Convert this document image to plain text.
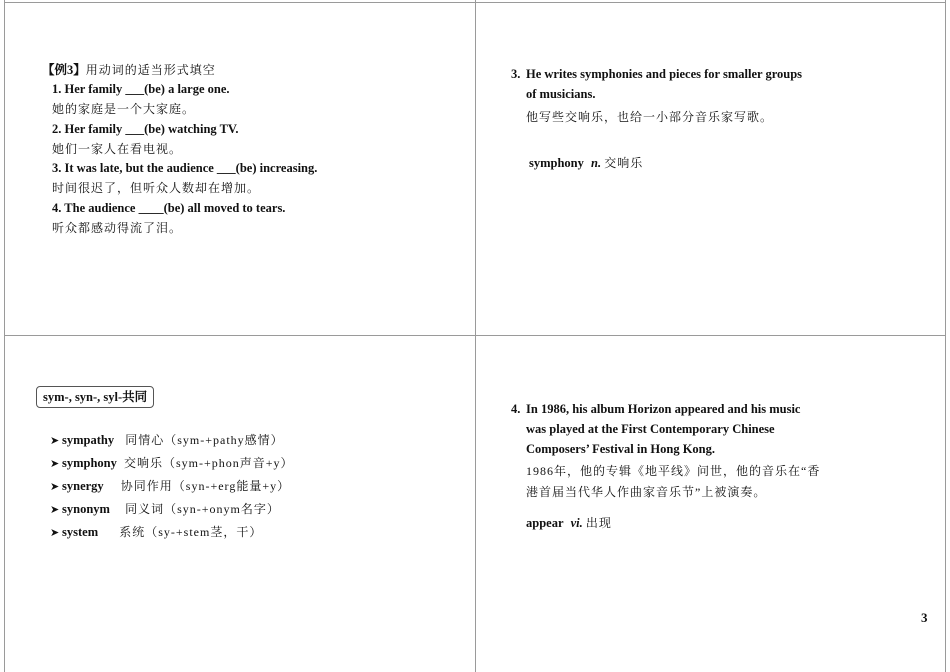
【例3】用动词的适当形式填空
1. Her family ___(be) a large one.
她的家庭是一个大家庭。
2. Her family ___(be) watching TV.
她们一家人在看电视。
3. It was late, but the audience ___(be) increasing.
时间很迟了，但听众人数却在增加。
4. The audience ____(be) all moved to tears.
听众都感动得流了泪。
3. He writes symphonies and pieces for smaller groups
of musicians.
他写些交响乐，也给一小部分音乐家写歌。
symphony n. 交响乐
sym-, syn-, syl-共同
➤ sympathy 同情心（sym-+pathy感情）
➤ symphony 交响乐（sym-+phon声音+y）
➤ synergy 协同作用（syn-+erg能量+y）
➤ synonym 同义词（syn-+onym名字）
➤ system 系统（sy-+stem茎，干）
4. In 1986, his album Horizon appeared and his music
was played at the First Contemporary Chinese
Composers’ Festival in Hong Kong.
1986年，他的专辑《地平线》问世，他的音乐在“香
港首届当代华人作曲家音乐节”上被演奏。
appear vi. 出现
3
